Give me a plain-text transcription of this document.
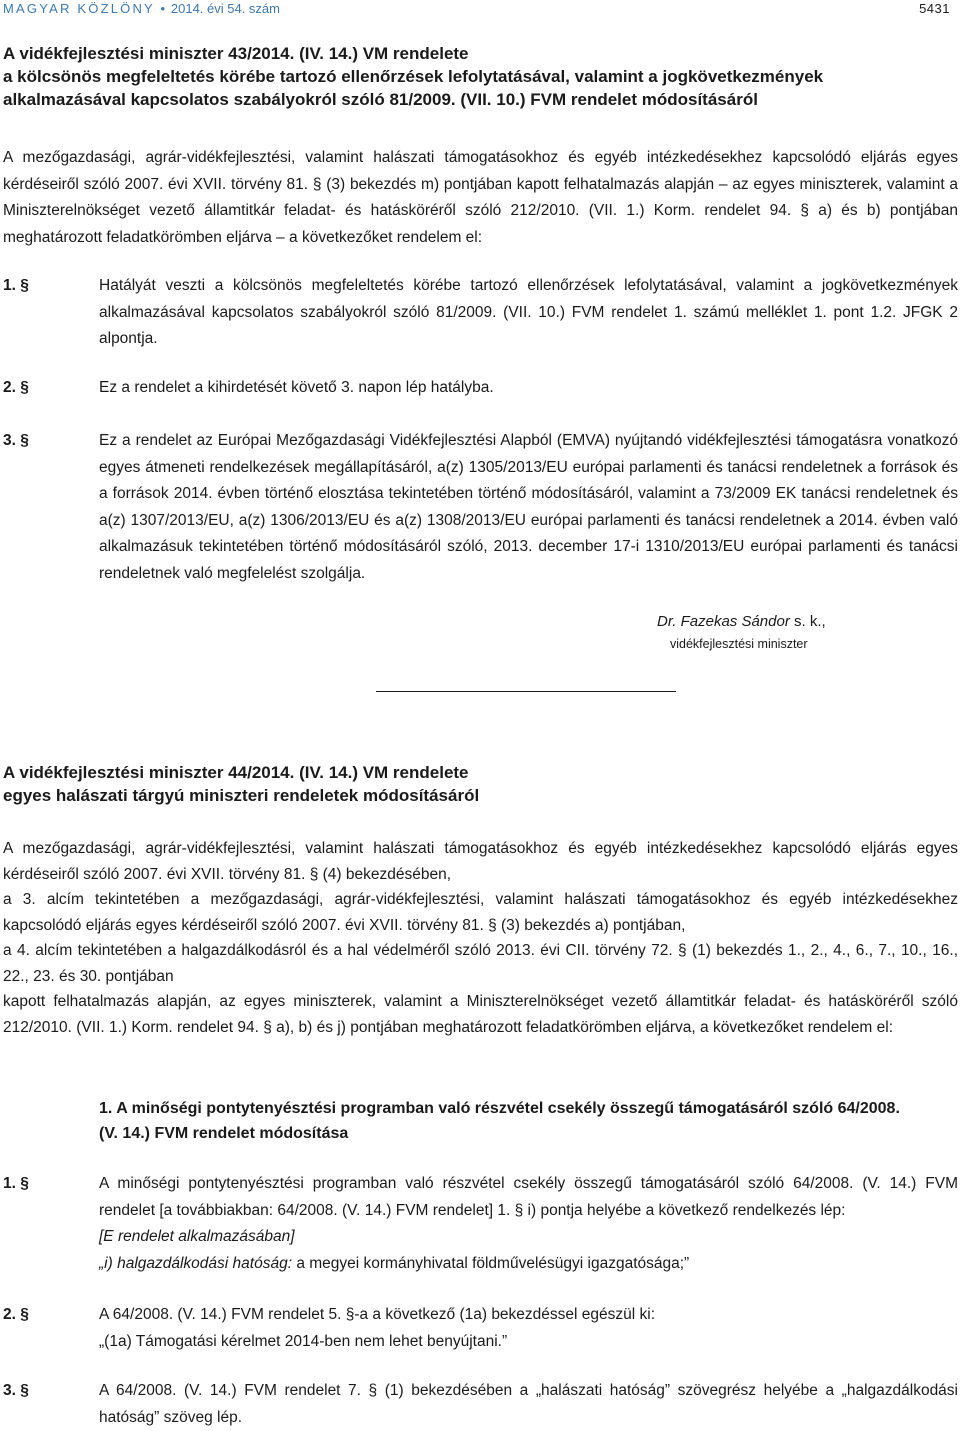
MAGYAR KÖZLÖNY • 2014. évi 54. szám	5431
A vidékfejlesztési miniszter 43/2014. (IV. 14.) VM rendelete
a kölcsönös megfeleltetés körébe tartozó ellenőrzések lefolytatásával, valamint a jogkövetkezmények
alkalmazásával kapcsolatos szabályokról szóló 81/2009. (VII. 10.) FVM rendelet módosításáról
A mezőgazdasági, agrár-vidékfejlesztési, valamint halászati támogatásokhoz és egyéb intézkedésekhez kapcsolódó eljárás egyes kérdéseiről szóló 2007. évi XVII. törvény 81. § (3) bekezdés m) pontjában kapott felhatalmazás alapján – az egyes miniszterek, valamint a Miniszterelnökséget vezető államtitkár feladat- és hatásköréről szóló 212/2010. (VII. 1.) Korm. rendelet 94. § a) és b) pontjában meghatározott feladatkörömben eljárva – a következőket rendelem el:
1. §	Hatályát veszti a kölcsönös megfeleltetés körébe tartozó ellenőrzések lefolytatásával, valamint a jogkövetkezmények alkalmazásával kapcsolatos szabályokról szóló 81/2009. (VII. 10.) FVM rendelet 1. számú melléklet 1. pont 1.2. JFGK 2 alpontja.
2. §	Ez a rendelet a kihirdetését követő 3. napon lép hatályba.
3. §	Ez a rendelet az Európai Mezőgazdasági Vidékfejlesztési Alapból (EMVA) nyújtandó vidékfejlesztési támogatásra vonatkozó egyes átmeneti rendelkezések megállapításáról, a(z) 1305/2013/EU európai parlamenti és tanácsi rendeletnek a források és a források 2014. évben történő elosztása tekintetében történő módosításáról, valamint a 73/2009 EK tanácsi rendeletnek és a(z) 1307/2013/EU, a(z) 1306/2013/EU és a(z) 1308/2013/EU európai parlamenti és tanácsi rendeletnek a 2014. évben való alkalmazásuk tekintetében történő módosításáról szóló, 2013. december 17-i 1310/2013/EU európai parlamenti és tanácsi rendeletnek való megfelelést szolgálja.
Dr. Fazekas Sándor s. k.,
vidékfejlesztési miniszter
A vidékfejlesztési miniszter 44/2014. (IV. 14.) VM rendelete
egyes halászati tárgyú miniszteri rendeletek módosításáról
A mezőgazdasági, agrár-vidékfejlesztési, valamint halászati támogatásokhoz és egyéb intézkedésekhez kapcsolódó eljárás egyes kérdéseiről szóló 2007. évi XVII. törvény 81. § (4) bekezdésében,
a 3. alcím tekintetében a mezőgazdasági, agrár-vidékfejlesztési, valamint halászati támogatásokhoz és egyéb intézkedésekhez kapcsolódó eljárás egyes kérdéseiről szóló 2007. évi XVII. törvény 81. § (3) bekezdés a) pontjában,
a 4. alcím tekintetében a halgazdálkodásról és a hal védelméről szóló 2013. évi CII. törvény 72. § (1) bekezdés 1., 2., 4., 6., 7., 10., 16., 22., 23. és 30. pontjában
kapott felhatalmazás alapján, az egyes miniszterek, valamint a Miniszterelnökséget vezető államtitkár feladat- és hatásköréről szóló 212/2010. (VII. 1.) Korm. rendelet 94. § a), b) és j) pontjában meghatározott feladatkörömben eljárva, a következőket rendelem el:
1. A minőségi pontytenyésztési programban való részvétel csekély összegű támogatásáról szóló 64/2008. (V. 14.) FVM rendelet módosítása
1. §	A minőségi pontytenyésztési programban való részvétel csekély összegű támogatásáról szóló 64/2008. (V. 14.) FVM rendelet [a továbbiakban: 64/2008. (V. 14.) FVM rendelet] 1. § i) pontja helyébe a következő rendelkezés lép:
[E rendelet alkalmazásában]
„i) halgazdálkodási hatóság: a megyei kormányhivatal földművelésügyi igazgatósága;”
2. §	A 64/2008. (V. 14.) FVM rendelet 5. §-a a következő (1a) bekezdéssel egészül ki:
„(1a) Támogatási kérelmet 2014-ben nem lehet benyújtani.”
3. §	A 64/2008. (V. 14.) FVM rendelet 7. § (1) bekezdésében a „halászati hatóság” szövegrész helyébe a „halgazdálkodási hatóság” szöveg lép.
